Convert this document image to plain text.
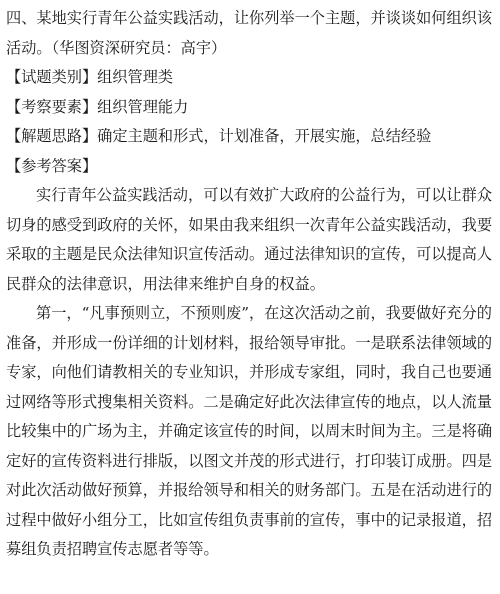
四、某地实行青年公益实践活动，让你列举一个主题，并谈谈如何组织该

活动。（华图资深研究员：高宇）

【试题类别】组织管理类

【考察要素】组织管理能力

【解题思路】确定主题和形式，计划准备，开展实施，总结经验

【参考答案】

实行青年公益实践活动，可以有效扩大政府的公益行为，可以让群众

切身的感受到政府的关怀，如果由我来组织一次青年公益实践活动，我要

采取的主题是民众法律知识宣传活动。通过法律知识的宣传，可以提高人

民群众的法律意识，用法律来维护自身的权益。

第一，“凡事预则立，不预则废”，在这次活动之前，我要做好充分的

准备，并形成一份详细的计划材料，报给领导审批。一是联系法律领域的

专家，向他们请教相关的专业知识，并形成专家组，同时，我自己也要通

过网络等形式搜集相关资料。二是确定好此次法律宣传的地点，以人流量

比较集中的广场为主，并确定该宣传的时间，以周末时间为主。三是将确

定好的宣传资料进行排版，以图文并茂的形式进行，打印装订成册。四是

对此次活动做好预算，并报给领导和相关的财务部门。五是在活动进行的

过程中做好小组分工，比如宣传组负责事前的宣传，事中的记录报道，招

募组负责招聘宣传志愿者等等。
